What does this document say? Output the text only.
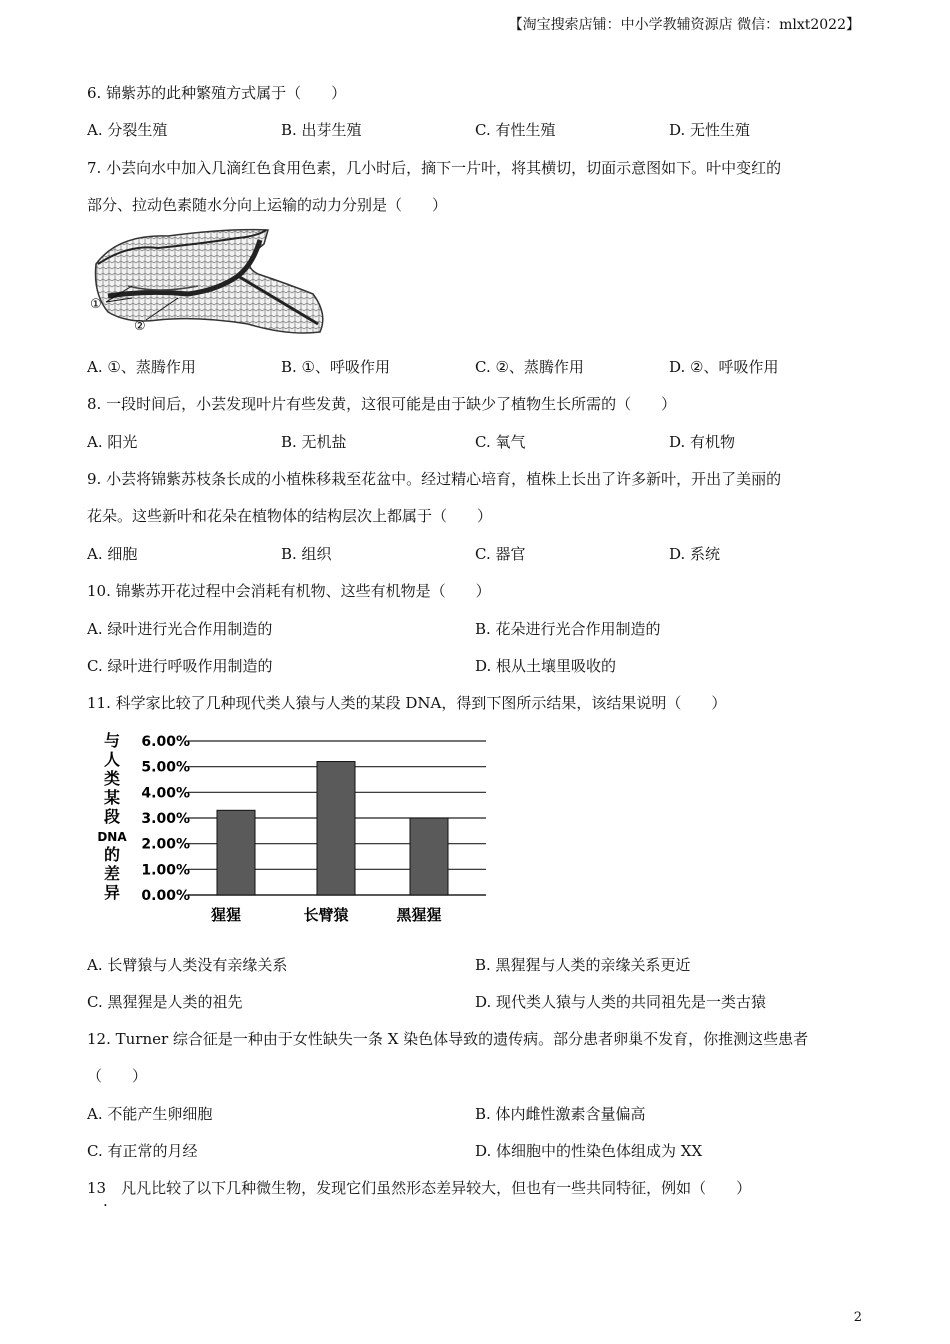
【淘宝搜索店铺：中小学教辅资源店 微信：mlxt2022】
6. 锦紫苏的此种繁殖方式属于（　　）
A. 分裂生殖	B. 出芽生殖	C. 有性生殖	D. 无性生殖
7. 小芸向水中加入几滴红色食用色素，几小时后，摘下一片叶，将其横切，切面示意图如下。叶中变红的
部分、拉动色素随水分向上运输的动力分别是（　　）
①
②
A. ①、蒸腾作用	B. ①、呼吸作用	C. ②、蒸腾作用	D. ②、呼吸作用
8. 一段时间后，小芸发现叶片有些发黄，这很可能是由于缺少了植物生长所需的（　　）
A. 阳光	B. 无机盐	C. 氧气	D. 有机物
9. 小芸将锦紫苏枝条长成的小植株移栽至花盆中。经过精心培育，植株上长出了许多新叶，开出了美丽的
花朵。这些新叶和花朵在植物体的结构层次上都属于（　　）
A. 细胞	B. 组织	C. 器官	D. 系统
10. 锦紫苏开花过程中会消耗有机物、这些有机物是（　　）
A. 绿叶进行光合作用制造的	B. 花朵进行光合作用制造的
C. 绿叶进行呼吸作用制造的	D. 根从土壤里吸收的
11. 科学家比较了几种现代类人猿与人类的某段 DNA，得到下图所示结果，该结果说明（　　）
与
人
类
某
段
DNA
的
差
异 0.00%
1.00%
2.00%
3.00%
4.00%
5.00%
6.00%
猩猩	长臂猿	黑猩猩
A. 长臂猿与人类没有亲缘关系	B. 黑猩猩与人类的亲缘关系更近
C. 黑猩猩是人类的祖先	D. 现代类人猿与人类的共同祖先是一类古猿
12. Turner 综合征是一种由于女性缺失一条 X 染色体导致的遗传病。部分患者卵巢不发育，你推测这些患者
（　　）
A. 不能产生卵细胞	B. 体内雌性激素含量偏高
C. 有正常的月经	D. 体细胞中的性染色体组成为 XX
13　凡凡比较了以下几种微生物，发现它们虽然形态差异较大，但也有一些共同特征，例如（　　）
.
2
